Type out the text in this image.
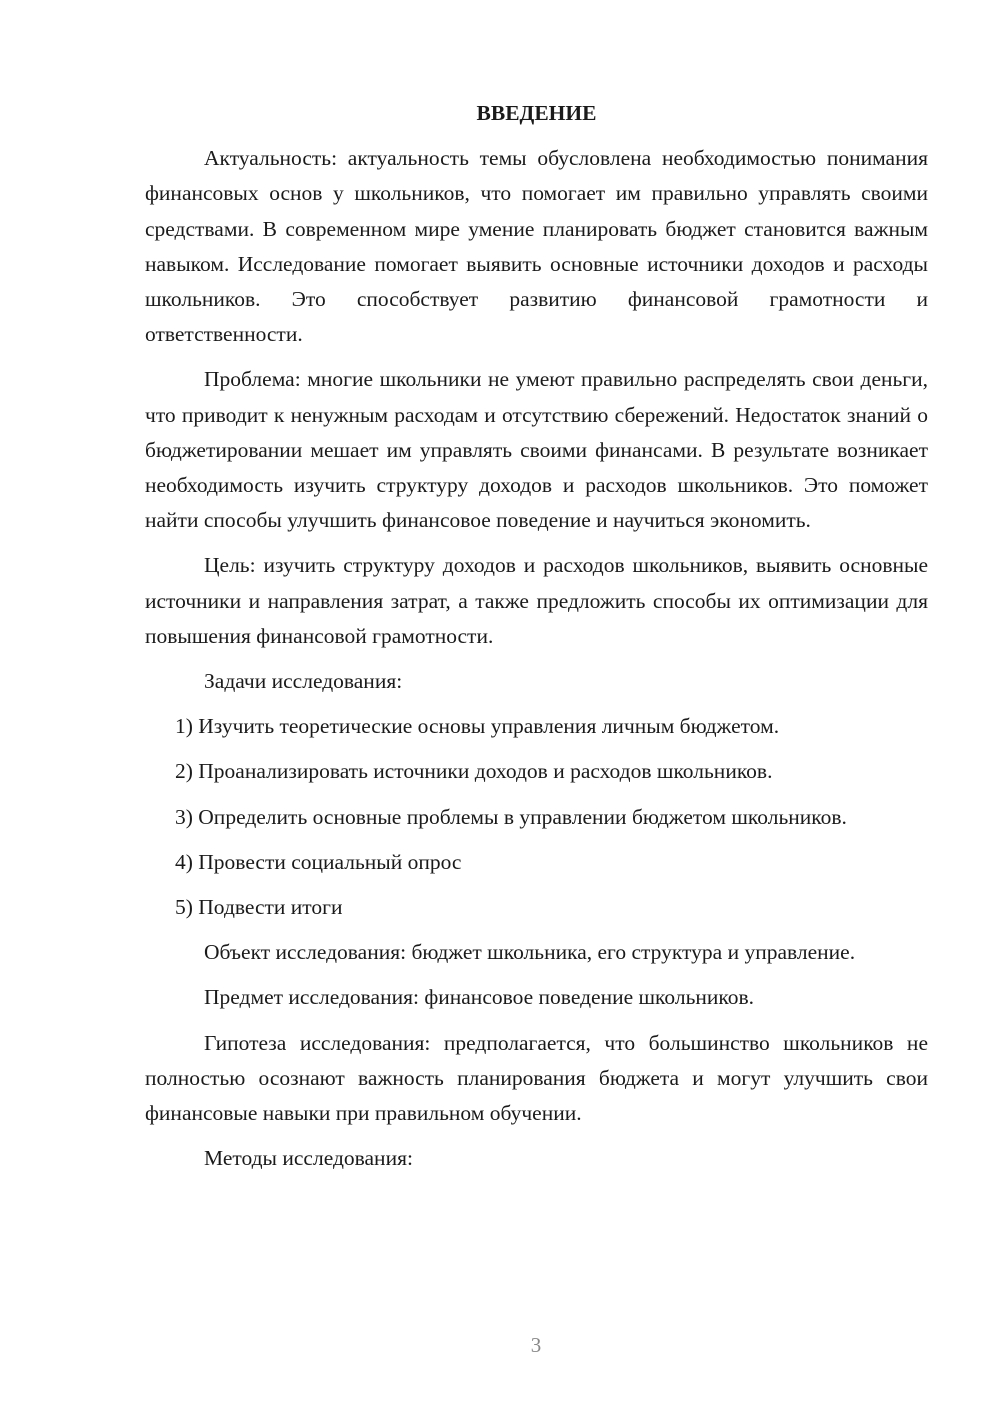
ВВЕДЕНИЕ

Актуальность: актуальность темы обусловлена необходимостью понимания финансовых основ у школьников, что помогает им правильно управлять своими средствами. В современном мире умение планировать бюджет становится важным навыком. Исследование помогает выявить основные источники доходов и расходы школьников. Это способствует развитию финансовой грамотности и ответственности.

Проблема: многие школьники не умеют правильно распределять свои деньги, что приводит к ненужным расходам и отсутствию сбережений. Недостаток знаний о бюджетировании мешает им управлять своими финансами. В результате возникает необходимость изучить структуру доходов и расходов школьников. Это поможет найти способы улучшить финансовое поведение и научиться экономить.

Цель: изучить структуру доходов и расходов школьников, выявить основные источники и направления затрат, а также предложить способы их оптимизации для повышения финансовой грамотности.

Задачи исследования:

1) Изучить теоретические основы управления личным бюджетом.

2) Проанализировать источники доходов и расходов школьников.

3) Определить основные проблемы в управлении бюджетом школьников.

4) Провести социальный опрос

5) Подвести итоги

Объект исследования: бюджет школьника, его структура и управление.

Предмет исследования: финансовое поведение школьников.

Гипотеза исследования: предполагается, что большинство школьников не полностью осознают важность планирования бюджета и могут улучшить свои финансовые навыки при правильном обучении.

Методы исследования:

3
